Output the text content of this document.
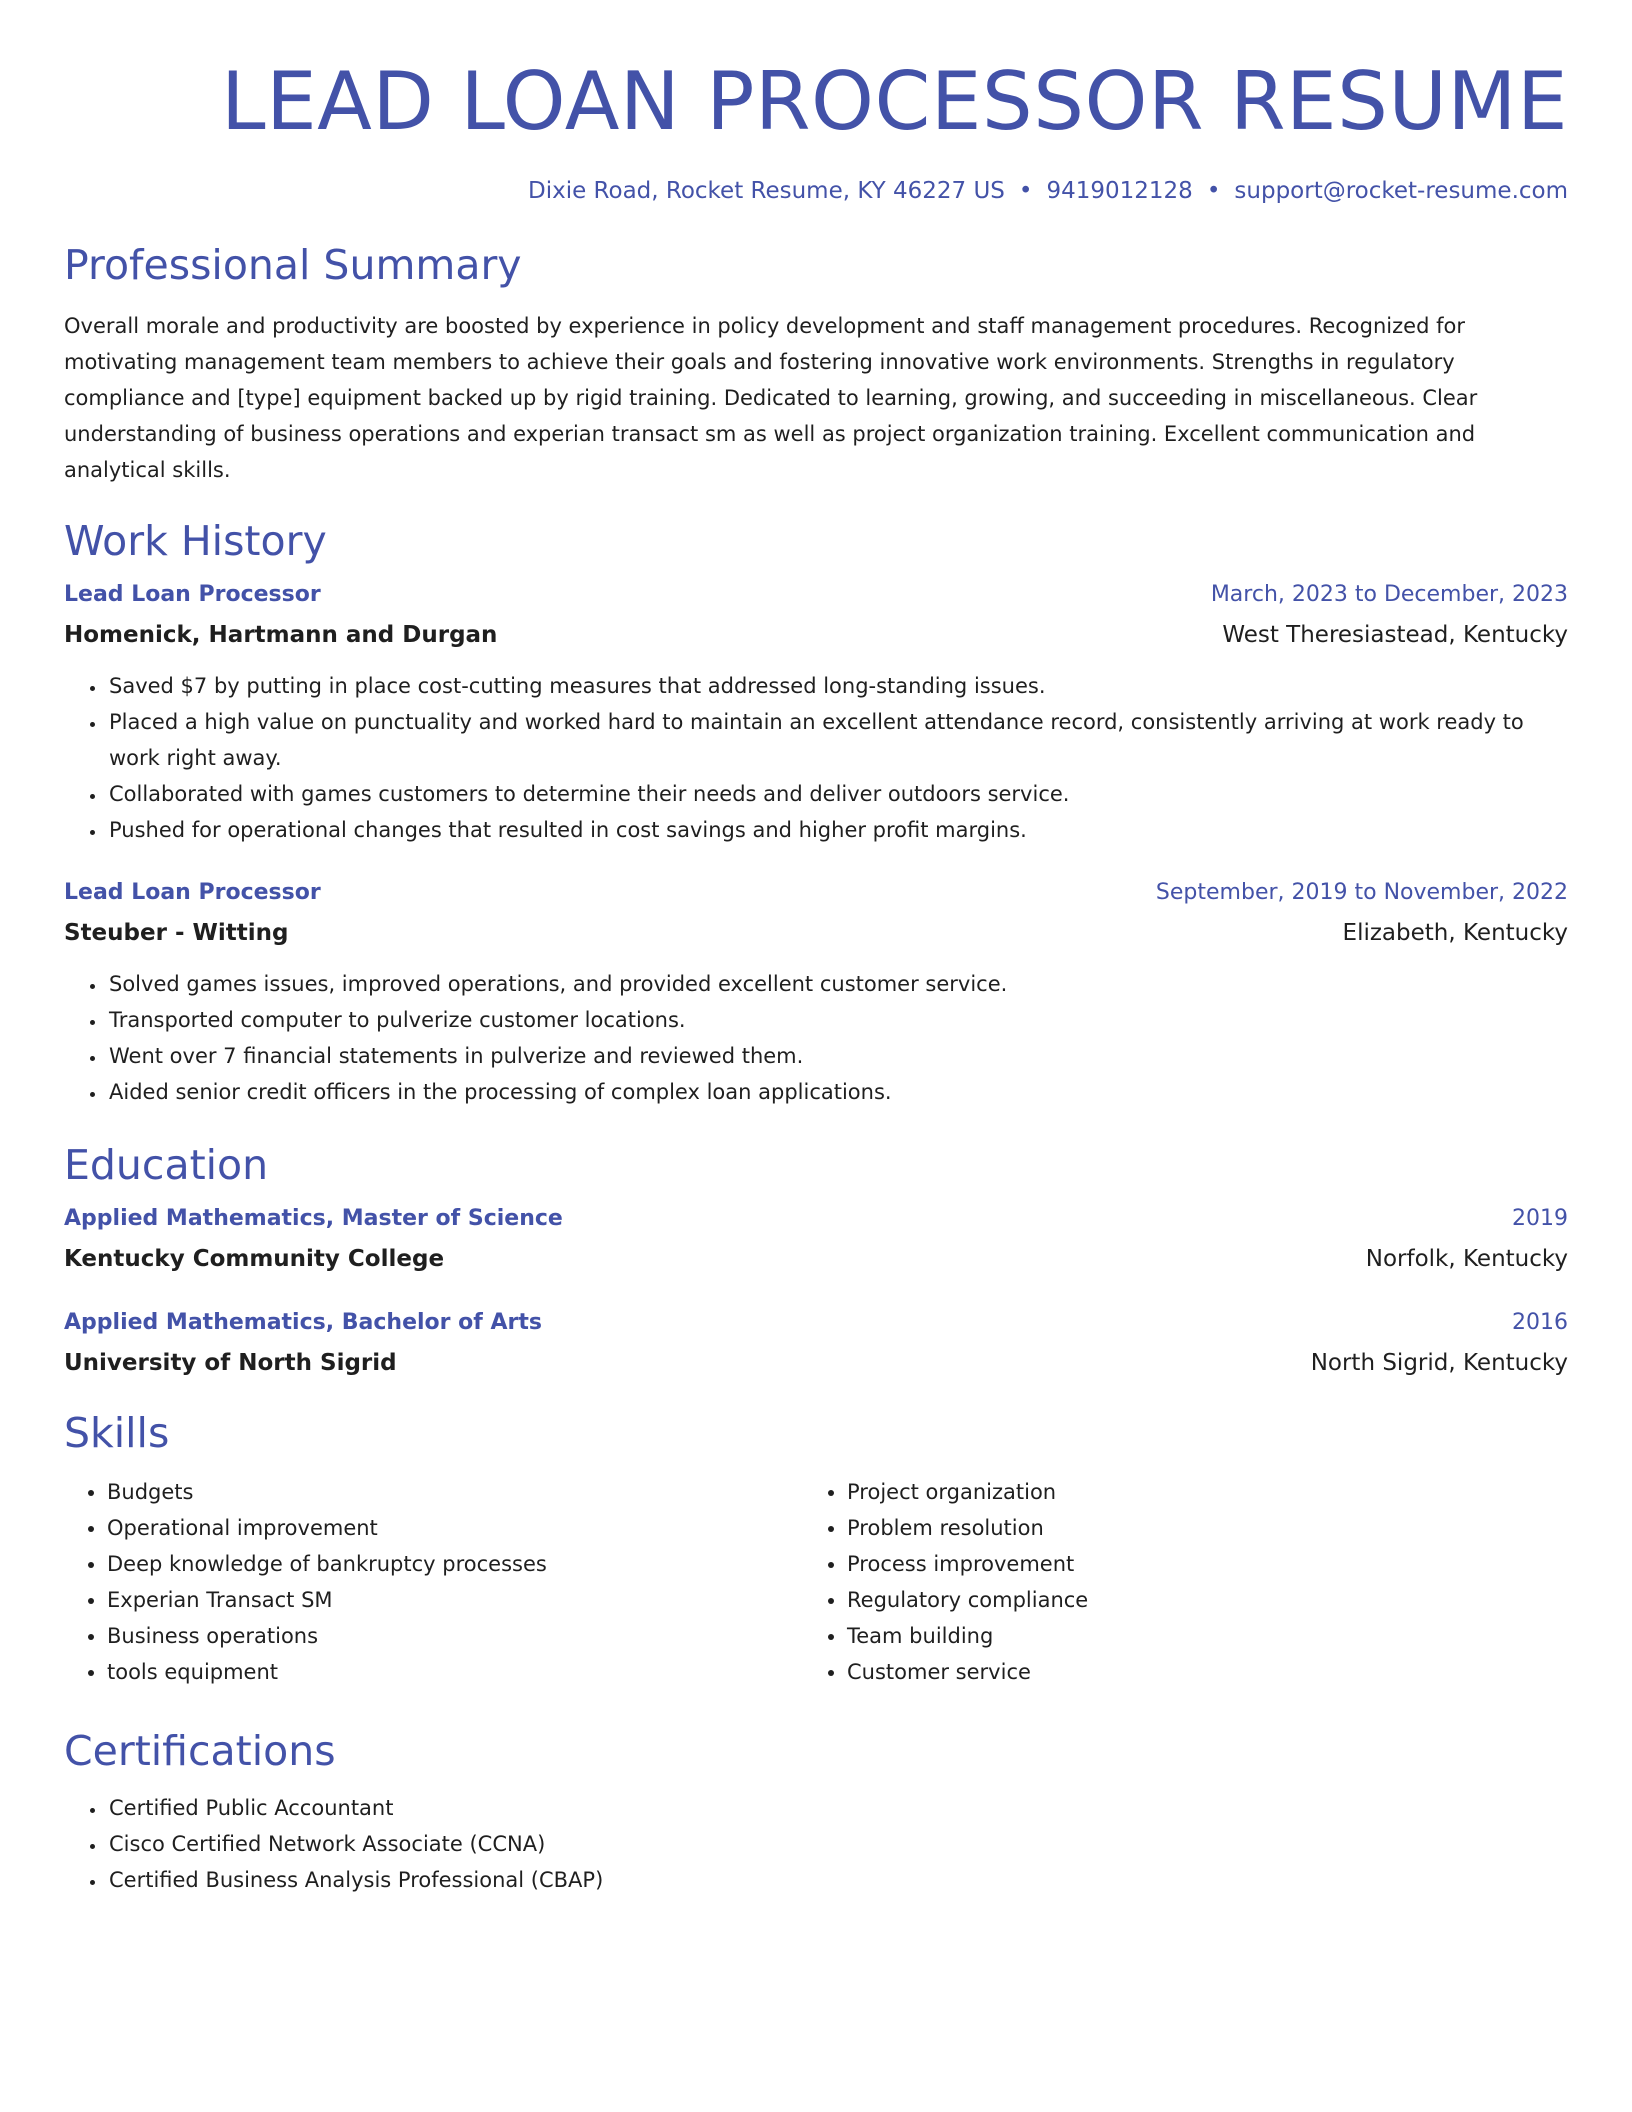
LEAD LOAN PROCESSOR RESUME
Dixie Road, Rocket Resume, KY 46227 US • 9419012128 • support@rocket-resume.com
Professional Summary
Overall morale and productivity are boosted by experience in policy development and staff management procedures. Recognized for motivating management team members to achieve their goals and fostering innovative work environments. Strengths in regulatory compliance and [type] equipment backed up by rigid training. Dedicated to learning, growing, and succeeding in miscellaneous. Clear understanding of business operations and experian transact sm as well as project organization training. Excellent communication and analytical skills.
Work History
Lead Loan Processor	March, 2023 to December, 2023
Homenick, Hartmann and Durgan	West Theresiastead, Kentucky
• Saved $7 by putting in place cost-cutting measures that addressed long-standing issues.
• Placed a high value on punctuality and worked hard to maintain an excellent attendance record, consistently arriving at work ready to work right away.
• Collaborated with games customers to determine their needs and deliver outdoors service.
• Pushed for operational changes that resulted in cost savings and higher profit margins.
Lead Loan Processor	September, 2019 to November, 2022
Steuber - Witting	Elizabeth, Kentucky
• Solved games issues, improved operations, and provided excellent customer service.
• Transported computer to pulverize customer locations.
• Went over 7 financial statements in pulverize and reviewed them.
• Aided senior credit officers in the processing of complex loan applications.
Education
Applied Mathematics, Master of Science	2019
Kentucky Community College	Norfolk, Kentucky
Applied Mathematics, Bachelor of Arts	2016
University of North Sigrid	North Sigrid, Kentucky
Skills
• Budgets
• Operational improvement
• Deep knowledge of bankruptcy processes
• Experian Transact SM
• Business operations
• tools equipment
• Project organization
• Problem resolution
• Process improvement
• Regulatory compliance
• Team building
• Customer service
Certifications
• Certified Public Accountant
• Cisco Certified Network Associate (CCNA)
• Certified Business Analysis Professional (CBAP)
